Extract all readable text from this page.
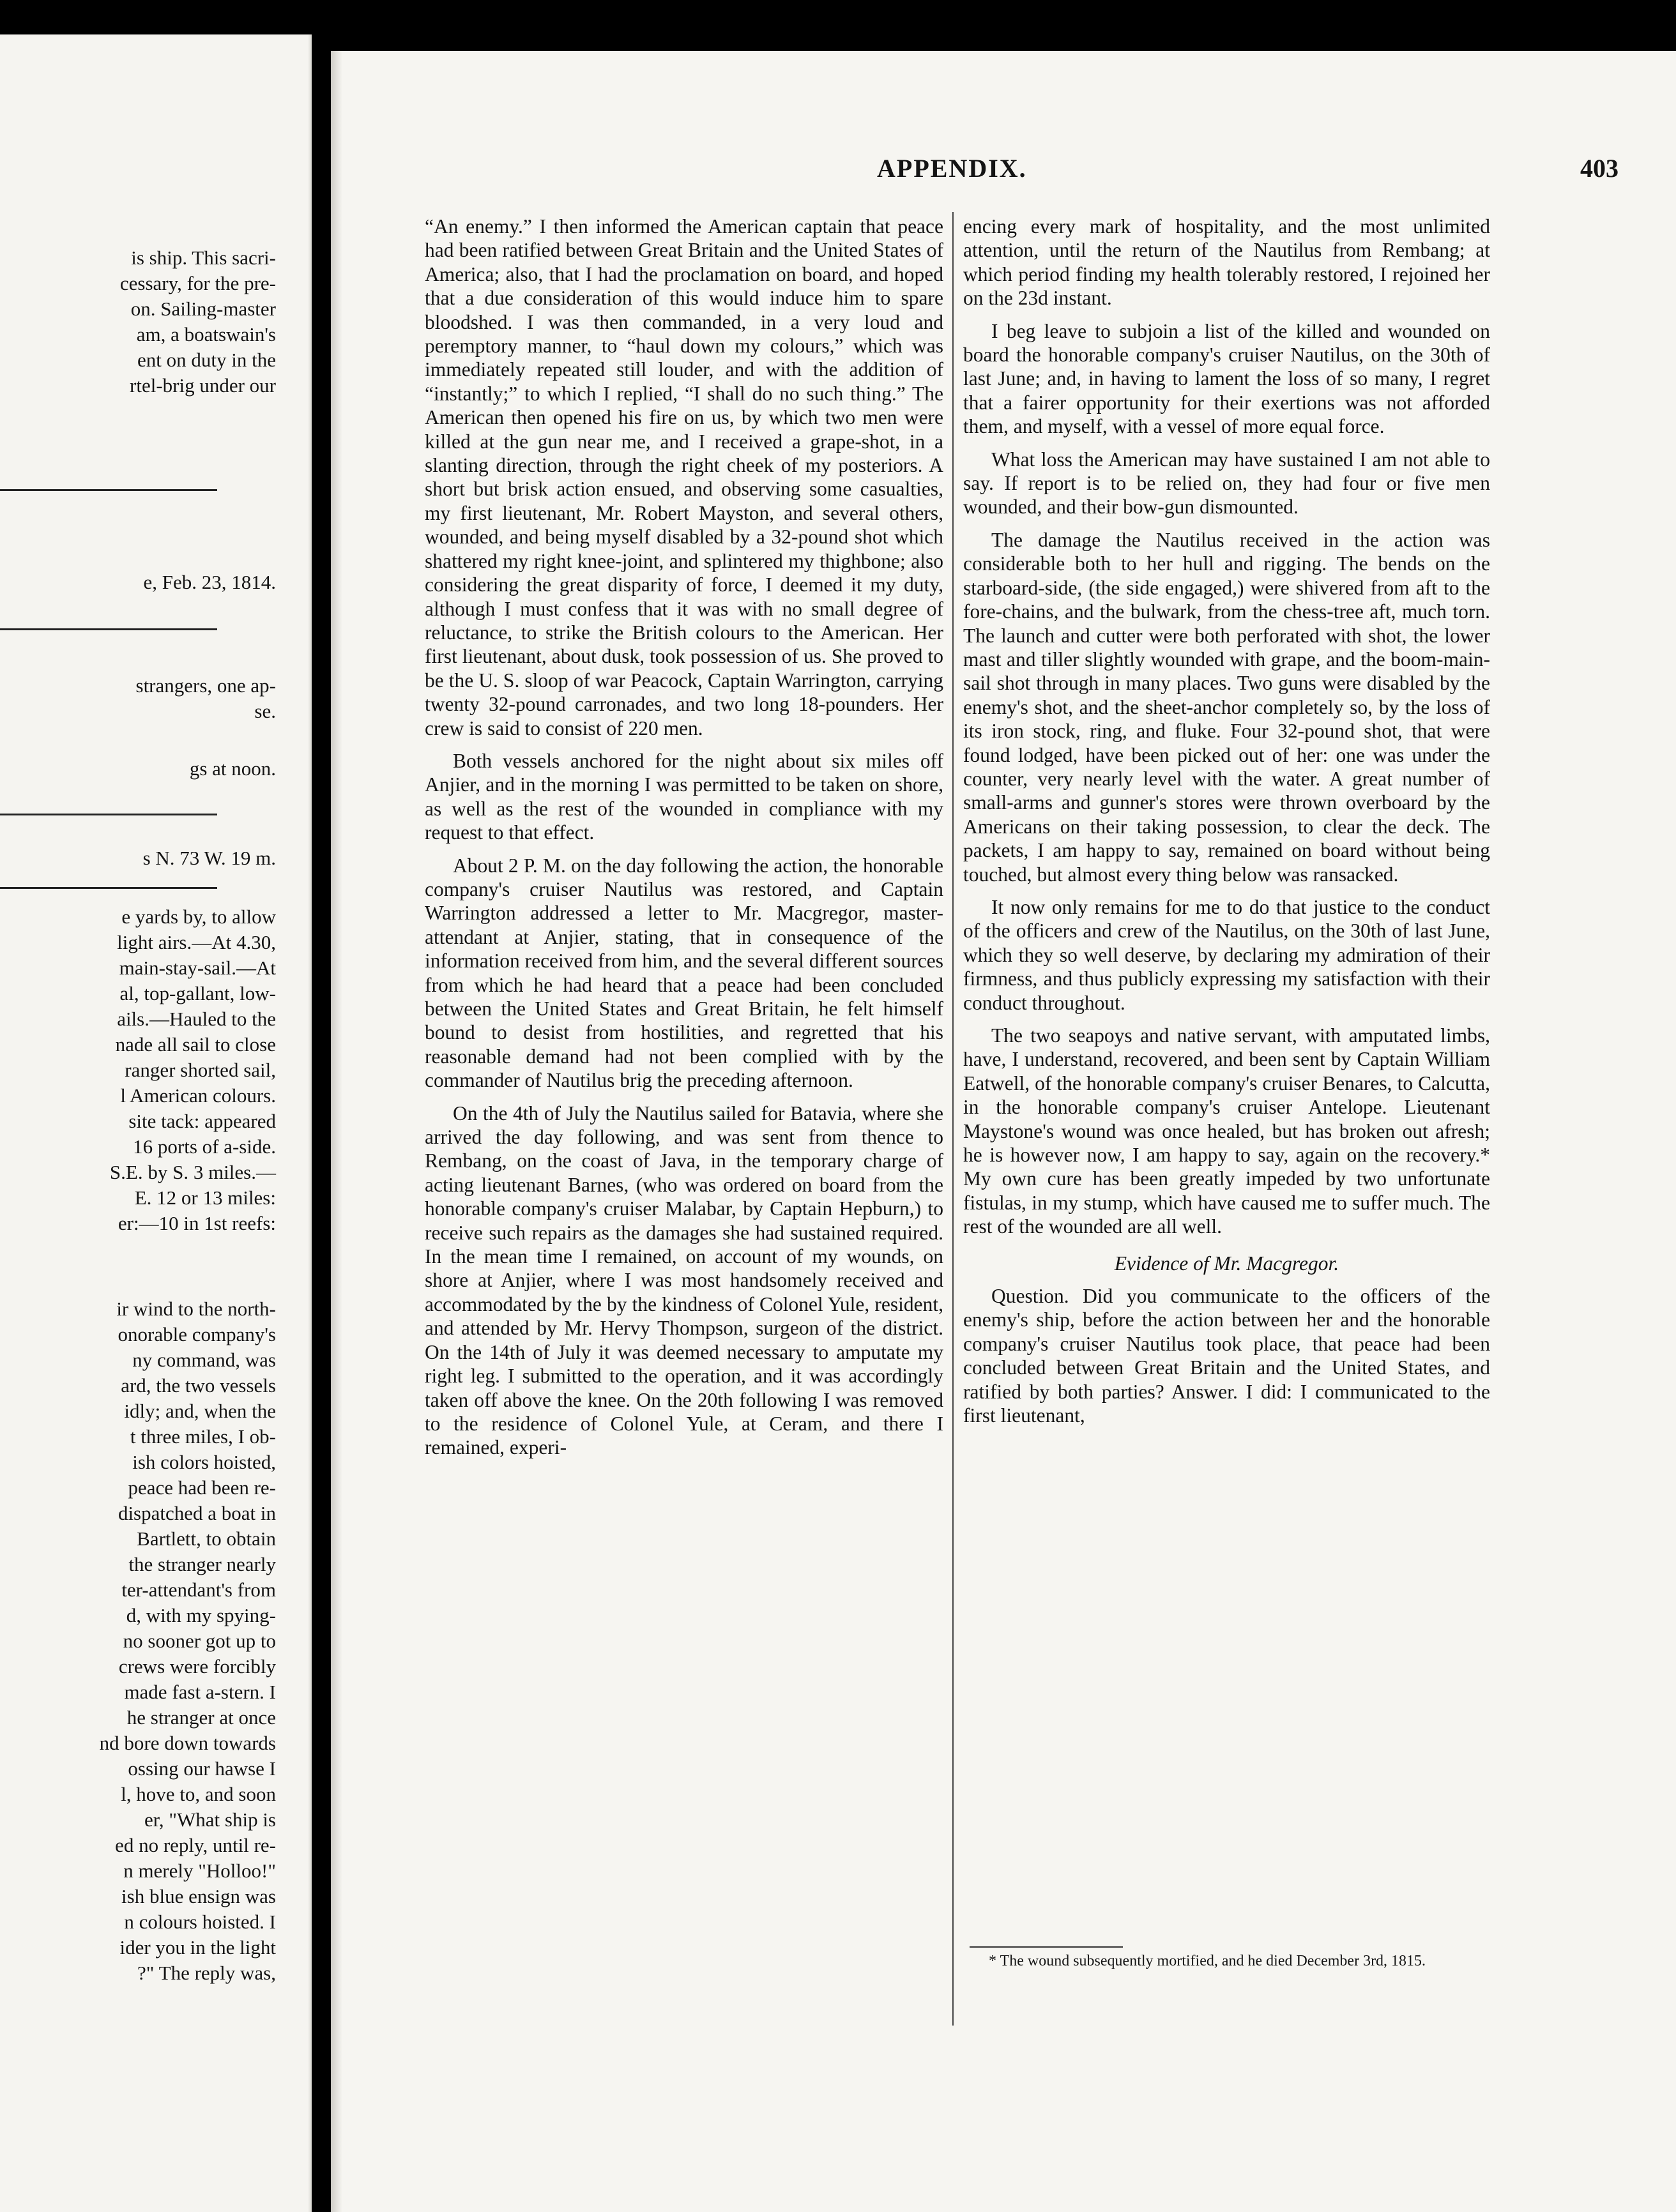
is ship. This sacri-
cessary, for the pre-
on. Sailing-master
am, a boatswain's
ent on duty in the
rtel-brig under our
e, Feb. 23, 1814.
strangers, one ap-
se.
gs at noon.
s N. 73 W. 19 m.
e yards by, to allow
light airs.—At 4.30,
main-stay-sail.—At
al, top-gallant, low-
ails.—Hauled to the
nade all sail to close
ranger shorted sail,
l American colours.
site tack: appeared
16 ports of a-side.
S.E. by S. 3 miles.—
E. 12 or 13 miles:
er:—10 in 1st reefs:
ir wind to the north-
onorable company's
ny command, was
ard, the two vessels
idly; and, when the
t three miles, I ob-
ish colors hoisted,
peace had been re-
dispatched a boat in
Bartlett, to obtain
the stranger nearly
ter-attendant's from
d, with my spying-
no sooner got up to
crews were forcibly
made fast a-stern. I
he stranger at once
nd bore down towards
ossing our hawse I
l, hove to, and soon
er, "What ship is
ed no reply, until re-
n merely "Holloo!"
ish blue ensign was
n colours hoisted. I
ider you in the light
?" The reply was,
APPENDIX.	403

“An enemy.” I then informed the American captain that peace had been ratified between Great Britain and the United States of America; also, that I had the proclamation on board, and hoped that a due consideration of this would induce him to spare bloodshed. I was then commanded, in a very loud and peremptory manner, to “haul down my colours,” which was immediately repeated still louder, and with the addition of “instantly;” to which I replied, “I shall do no such thing.” The American then opened his fire on us, by which two men were killed at the gun near me, and I received a grape-shot, in a slanting direction, through the right cheek of my posteriors. A short but brisk action ensued, and observing some casualties, my first lieutenant, Mr. Robert Mayston, and several others, wounded, and being myself disabled by a 32-pound shot which shattered my right knee-joint, and splintered my thighbone; also considering the great disparity of force, I deemed it my duty, although I must confess that it was with no small degree of reluctance, to strike the British colours to the American. Her first lieutenant, about dusk, took possession of us. She proved to be the U. S. sloop of war Peacock, Captain Warrington, carrying twenty 32-pound carronades, and two long 18-pounders. Her crew is said to consist of 220 men.

Both vessels anchored for the night about six miles off Anjier, and in the morning I was permitted to be taken on shore, as well as the rest of the wounded in compliance with my request to that effect.

About 2 P. M. on the day following the action, the honorable company's cruiser Nautilus was restored, and Captain Warrington addressed a letter to Mr. Macgregor, master-attendant at Anjier, stating, that in consequence of the information received from him, and the several different sources from which he had heard that a peace had been concluded between the United States and Great Britain, he felt himself bound to desist from hostilities, and regretted that his reasonable demand had not been complied with by the commander of Nautilus brig the preceding afternoon.

On the 4th of July the Nautilus sailed for Batavia, where she arrived the day following, and was sent from thence to Rembang, on the coast of Java, in the temporary charge of acting lieutenant Barnes, (who was ordered on board from the honorable company's cruiser Malabar, by Captain Hepburn,) to receive such repairs as the damages she had sustained required. In the mean time I remained, on account of my wounds, on shore at Anjier, where I was most handsomely received and accommodated by the by the kindness of Colonel Yule, resident, and attended by Mr. Hervy Thompson, surgeon of the district. On the 14th of July it was deemed necessary to amputate my right leg. I submitted to the operation, and it was accordingly taken off above the knee. On the 20th following I was removed to the residence of Colonel Yule, at Ceram, and there I remained, experi-

encing every mark of hospitality, and the most unlimited attention, until the return of the Nautilus from Rembang; at which period finding my health tolerably restored, I rejoined her on the 23d instant.

I beg leave to subjoin a list of the killed and wounded on board the honorable company's cruiser Nautilus, on the 30th of last June; and, in having to lament the loss of so many, I regret that a fairer opportunity for their exertions was not afforded them, and myself, with a vessel of more equal force.

What loss the American may have sustained I am not able to say. If report is to be relied on, they had four or five men wounded, and their bow-gun dismounted.

The damage the Nautilus received in the action was considerable both to her hull and rigging. The bends on the starboard-side, (the side engaged,) were shivered from aft to the fore-chains, and the bulwark, from the chess-tree aft, much torn. The launch and cutter were both perforated with shot, the lower mast and tiller slightly wounded with grape, and the boom-main-sail shot through in many places. Two guns were disabled by the enemy's shot, and the sheet-anchor completely so, by the loss of its iron stock, ring, and fluke. Four 32-pound shot, that were found lodged, have been picked out of her: one was under the counter, very nearly level with the water. A great number of small-arms and gunner's stores were thrown overboard by the Americans on their taking possession, to clear the deck. The packets, I am happy to say, remained on board without being touched, but almost every thing below was ransacked.

It now only remains for me to do that justice to the conduct of the officers and crew of the Nautilus, on the 30th of last June, which they so well deserve, by declaring my admiration of their firmness, and thus publicly expressing my satisfaction with their conduct throughout.

The two seapoys and native servant, with amputated limbs, have, I understand, recovered, and been sent by Captain William Eatwell, of the honorable company's cruiser Benares, to Calcutta, in the honorable company's cruiser Antelope. Lieutenant Maystone's wound was once healed, but has broken out afresh; he is however now, I am happy to say, again on the recovery.* My own cure has been greatly impeded by two unfortunate fistulas, in my stump, which have caused me to suffer much. The rest of the wounded are all well.

Evidence of Mr. Macgregor.

Question. Did you communicate to the officers of the enemy's ship, before the action between her and the honorable company's cruiser Nautilus took place, that peace had been concluded between Great Britain and the United States, and ratified by both parties? Answer. I did: I communicated to the first lieutenant,

* The wound subsequently mortified, and he died December 3rd, 1815.
